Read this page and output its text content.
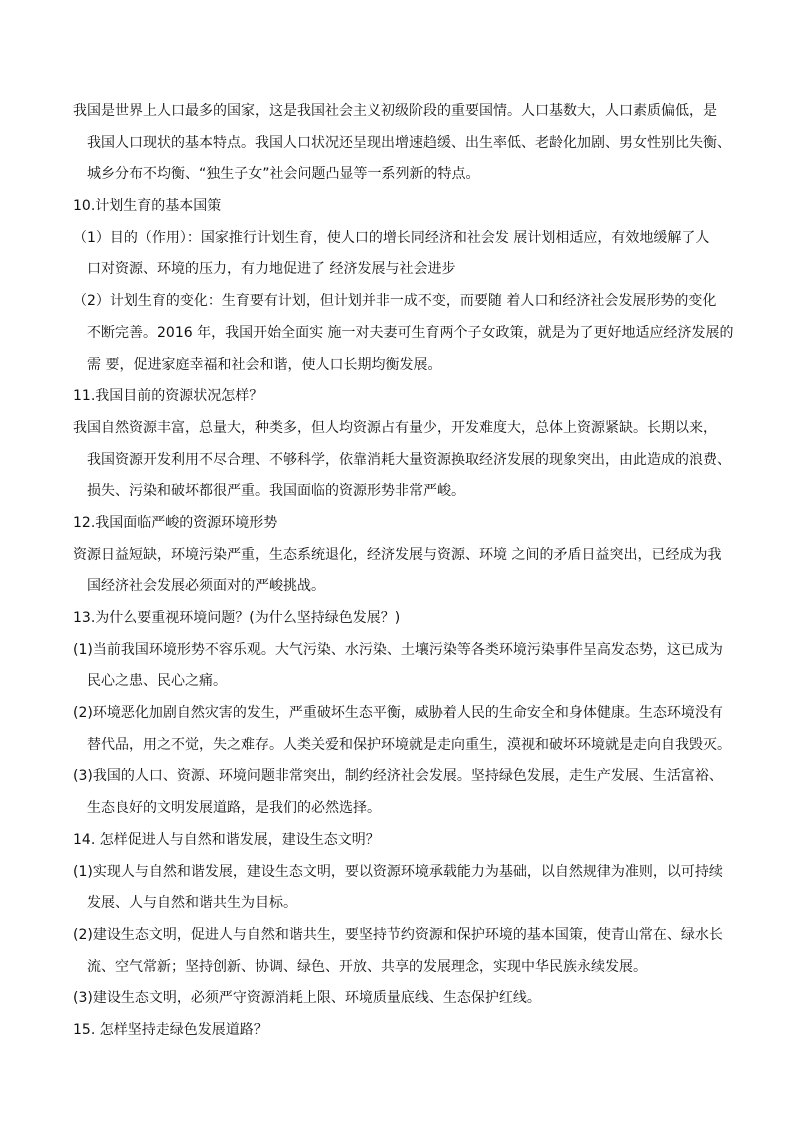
我国是世界上人口最多的国家，这是我国社会主义初级阶段的重要国情。人口基数大，人口素质偏低，是
我国人口现状的基本特点。我国人口状况还呈现出增速趋缓、出生率低、老龄化加剧、男女性别比失衡、
城乡分布不均衡、“独生子女”社会问题凸显等一系列新的特点。
10.计划生育的基本国策
（1）目的（作用）：国家推行计划生育，使人口的增长同经济和社会发 展计划相适应，有效地缓解了人
口对资源、环境的压力，有力地促进了 经济发展与社会进步
（2）计划生育的变化：生育要有计划，但计划并非一成不变，而要随 着人口和经济社会发展形势的变化
不断完善。2016 年，我国开始全面实 施一对夫妻可生育两个子女政策，就是为了更好地适应经济发展的
需 要，促进家庭幸福和社会和谐，使人口长期均衡发展。
11.我国目前的资源状况怎样？
我国自然资源丰富，总量大，种类多，但人均资源占有量少，开发难度大，总体上资源紧缺。长期以来，
我国资源开发利用不尽合理、不够科学，依靠消耗大量资源换取经济发展的现象突出，由此造成的浪费、
损失、污染和破坏都很严重。我国面临的资源形势非常严峻。
12.我国面临严峻的资源环境形势
资源日益短缺，环境污染严重，生态系统退化，经济发展与资源、环境 之间的矛盾日益突出，已经成为我
国经济社会发展必须面对的严峻挑战。
13.为什么要重视环境问题？(为什么坚持绿色发展？)
(1)当前我国环境形势不容乐观。大气污染、水污染、土壤污染等各类环境污染事件呈高发态势，这已成为
民心之患、民心之痛。
(2)环境恶化加剧自然灾害的发生，严重破坏生态平衡，威胁着人民的生命安全和身体健康。生态环境没有
替代品，用之不觉，失之难存。人类关爱和保护环境就是走向重生，漠视和破坏环境就是走向自我毁灭。
(3)我国的人口、资源、环境问题非常突出，制约经济社会发展。坚持绿色发展，走生产发展、生活富裕、
生态良好的文明发展道路，是我们的必然选择。
14. 怎样促进人与自然和谐发展，建设生态文明？
(1)实现人与自然和谐发展，建设生态文明，要以资源环境承载能力为基础，以自然规律为准则，以可持续
发展、人与自然和谐共生为目标。
(2)建设生态文明，促进人与自然和谐共生，要坚持节约资源和保护环境的基本国策，使青山常在、绿水长
流、空气常新；坚持创新、协调、绿色、开放、共享的发展理念，实现中华民族永续发展。
(3)建设生态文明，必须严守资源消耗上限、环境质量底线、生态保护红线。
15. 怎样坚持走绿色发展道路？
